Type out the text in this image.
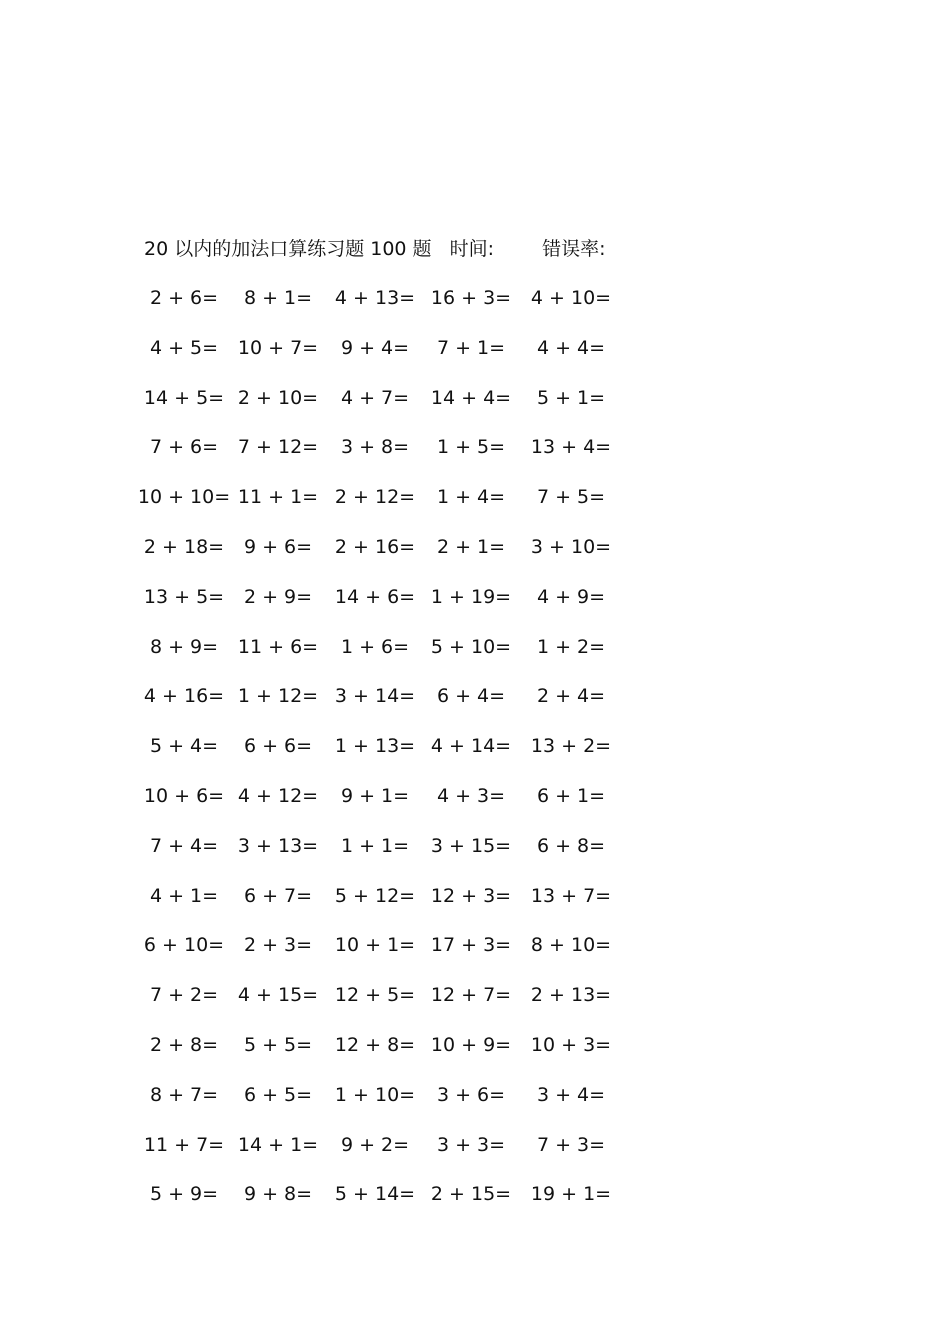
20 以内的加法口算练习题 100 题 时间:	错误率:
2 + 6= 8 + 1= 4 + 13= 16 + 3= 4 + 10=
4 + 5= 10 + 7= 9 + 4= 7 + 1= 4 + 4=
14 + 5= 2 + 10= 4 + 7= 14 + 4= 5 + 1=
7 + 6= 7 + 12= 3 + 8= 1 + 5= 13 + 4=
10 + 10= 11 + 1= 2 + 12= 1 + 4= 7 + 5=
2 + 18= 9 + 6= 2 + 16= 2 + 1= 3 + 10=
13 + 5= 2 + 9= 14 + 6= 1 + 19= 4 + 9=
8 + 9= 11 + 6= 1 + 6= 5 + 10= 1 + 2=
4 + 16= 1 + 12= 3 + 14= 6 + 4= 2 + 4=
5 + 4= 6 + 6= 1 + 13= 4 + 14= 13 + 2=
10 + 6= 4 + 12= 9 + 1= 4 + 3= 6 + 1=
7 + 4= 3 + 13= 1 + 1= 3 + 15= 6 + 8=
4 + 1= 6 + 7= 5 + 12= 12 + 3= 13 + 7=
6 + 10= 2 + 3= 10 + 1= 17 + 3= 8 + 10=
7 + 2= 4 + 15= 12 + 5= 12 + 7= 2 + 13=
2 + 8= 5 + 5= 12 + 8= 10 + 9= 10 + 3=
8 + 7= 6 + 5= 1 + 10= 3 + 6= 3 + 4=
11 + 7= 14 + 1= 9 + 2= 3 + 3= 7 + 3=
5 + 9= 9 + 8= 5 + 14= 2 + 15= 19 + 1=
